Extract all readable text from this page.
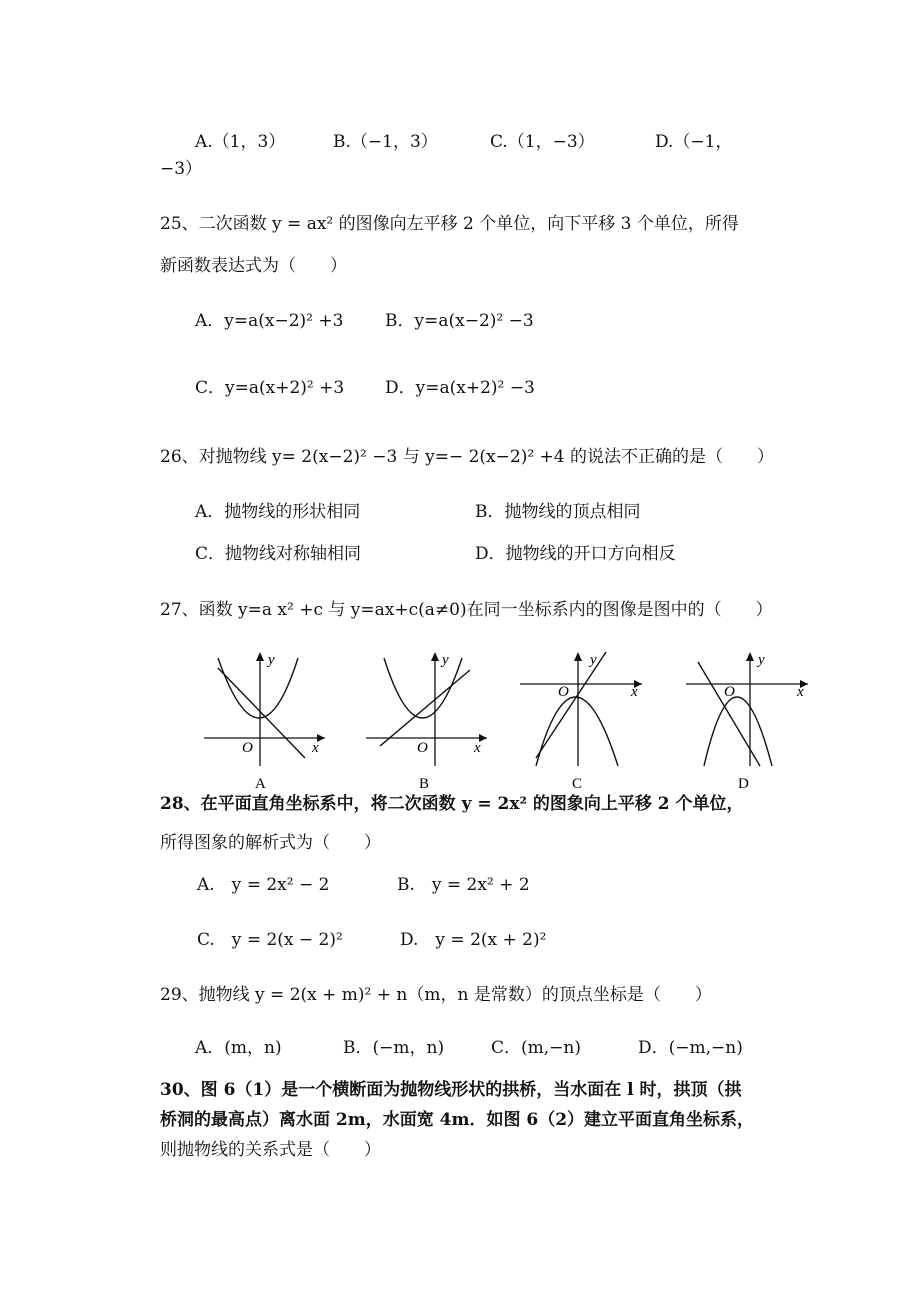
A.（1，3）	B.（−1，3）	C.（1，−3）	D.（−1，
−3）
25、二次函数 y = ax² 的图像向左平移 2 个单位，向下平移 3 个单位，所得
新函数表达式为（　　）
A．y=a(x−2)² +3 B．y=a(x−2)² −3
C．y=a(x+2)² +3 D．y=a(x+2)² −3
26、对抛物线 y= 2(x−2)² −3 与 y=− 2(x−2)² +4 的说法不正确的是（　　）
A．抛物线的形状相同	B．抛物线的顶点相同
C．抛物线对称轴相同	D．抛物线的开口方向相反
27、函数 y=a x² +c 与 y=ax+c(a≠0)在同一坐标系内的图像是图中的（　　）
y
x
O
A
y
x
O
B
y
x
O
C
y
x
O
D
28、在平面直角坐标系中，将二次函数 y = 2x² 的图象向上平移 2 个单位，
所得图象的解析式为（　　）
A.　y = 2x² − 2	B.　y = 2x² + 2
C.　y = 2(x − 2)²	D.　y = 2(x + 2)²
29、抛物线 y = 2(x + m)² + n（m，n 是常数）的顶点坐标是（　　）
A．(m，n)	B．(−m，n)	C．(m,−n)	D．(−m,−n)
30、图 6（1）是一个横断面为抛物线形状的拱桥，当水面在 l 时，拱顶（拱
桥洞的最高点）离水面 2m，水面宽 4m．如图 6（2）建立平面直角坐标系，
则抛物线的关系式是（　　）
